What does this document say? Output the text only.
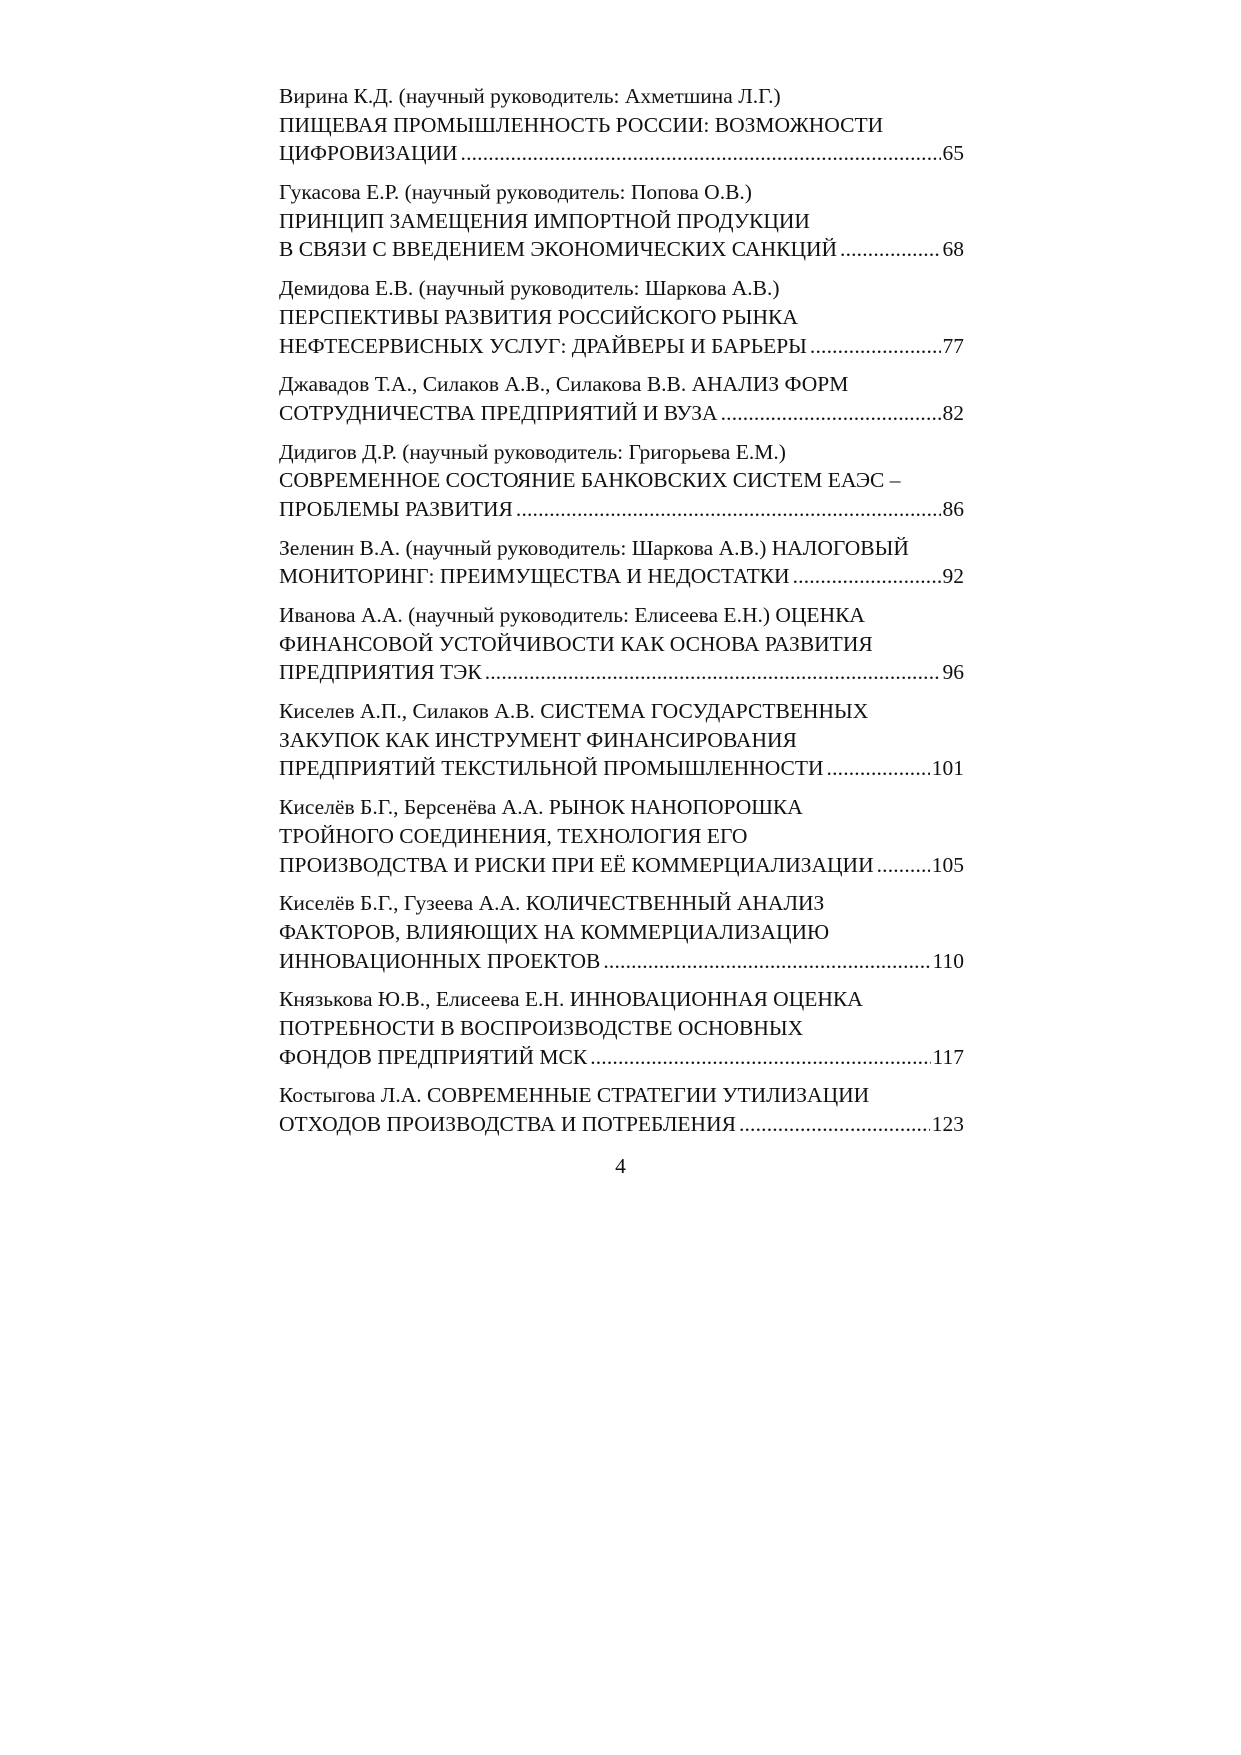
Вирина К.Д. (научный руководитель: Ахметшина Л.Г.)
ПИЩЕВАЯ ПРОМЫШЛЕННОСТЬ РОССИИ: ВОЗМОЖНОСТИ
ЦИФРОВИЗАЦИИ . . .	65
Гукасова Е.Р. (научный руководитель: Попова О.В.)
ПРИНЦИП ЗАМЕЩЕНИЯ ИМПОРТНОЙ ПРОДУКЦИИ
В СВЯЗИ С ВВЕДЕНИЕМ ЭКОНОМИЧЕСКИХ САНКЦИЙ . . .	68
Демидова Е.В. (научный руководитель: Шаркова А.В.)
ПЕРСПЕКТИВЫ РАЗВИТИЯ РОССИЙСКОГО РЫНКА
НЕФТЕСЕРВИСНЫХ УСЛУГ: ДРАЙВЕРЫ И БАРЬЕРЫ . . .	77
Джавадов Т.А., Силаков А.В., Силакова В.В. АНАЛИЗ ФОРМ
СОТРУДНИЧЕСТВА ПРЕДПРИЯТИЙ И ВУЗА . . .	82
Дидигов Д.Р. (научный руководитель: Григорьева Е.М.)
СОВРЕМЕННОЕ СОСТОЯНИЕ БАНКОВСКИХ СИСТЕМ ЕАЭС –
ПРОБЛЕМЫ РАЗВИТИЯ . . .	86
Зеленин В.А. (научный руководитель: Шаркова А.В.) НАЛОГОВЫЙ
МОНИТОРИНГ: ПРЕИМУЩЕСТВА И НЕДОСТАТКИ . . .	92
Иванова А.А. (научный руководитель: Елисеева Е.Н.) ОЦЕНКА
ФИНАНСОВОЙ УСТОЙЧИВОСТИ КАК ОСНОВА РАЗВИТИЯ
ПРЕДПРИЯТИЯ ТЭК . . .	96
Киселев А.П., Силаков А.В. СИСТЕМА ГОСУДАРСТВЕННЫХ
ЗАКУПОК КАК ИНСТРУМЕНТ ФИНАНСИРОВАНИЯ
ПРЕДПРИЯТИЙ ТЕКСТИЛЬНОЙ ПРОМЫШЛЕННОСТИ . . .	101
Киселёв Б.Г., Берсенёва А.А. РЫНОК НАНОПОРОШКА
ТРОЙНОГО СОЕДИНЕНИЯ, ТЕХНОЛОГИЯ ЕГО
ПРОИЗВОДСТВА И РИСКИ ПРИ ЕЁ КОММЕРЦИАЛИЗАЦИИ . . .	105
Киселёв Б.Г., Гузеева А.А. КОЛИЧЕСТВЕННЫЙ АНАЛИЗ
ФАКТОРОВ, ВЛИЯЮЩИХ НА КОММЕРЦИАЛИЗАЦИЮ
ИННОВАЦИОННЫХ ПРОЕКТОВ . . .	110
Князькова Ю.В., Елисеева Е.Н. ИННОВАЦИОННАЯ ОЦЕНКА
ПОТРЕБНОСТИ В ВОСПРОИЗВОДСТВЕ ОСНОВНЫХ
ФОНДОВ ПРЕДПРИЯТИЙ МСК . . .	117
Костыгова Л.А. СОВРЕМЕННЫЕ СТРАТЕГИИ УТИЛИЗАЦИИ
ОТХОДОВ ПРОИЗВОДСТВА И ПОТРЕБЛЕНИЯ . . .	123
4
